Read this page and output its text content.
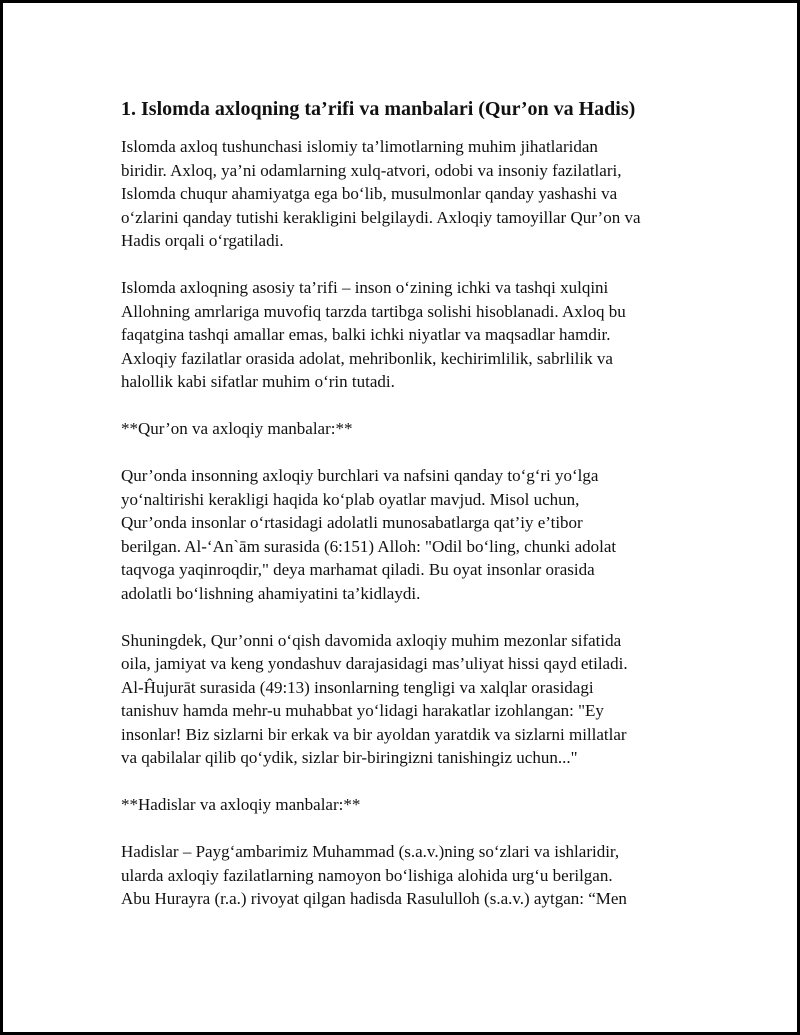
1. Islomda axloqning ta’rifi va manbalari (Qur’on va Hadis)
Islomda axloq tushunchasi islomiy ta’limotlarning muhim jihatlaridan
biridir. Axloq, ya’ni odamlarning xulq-atvori, odobi va insoniy fazilatlari,
Islomda chuqur ahamiyatga ega bo‘lib, musulmonlar qanday yashashi va
o‘zlarini qanday tutishi kerakligini belgilaydi. Axloqiy tamoyillar Qur’on va
Hadis orqali o‘rgatiladi.
Islomda axloqning asosiy ta’rifi – inson o‘zining ichki va tashqi xulqini
Allohning amrlariga muvofiq tarzda tartibga solishi hisoblanadi. Axloq bu
faqatgina tashqi amallar emas, balki ichki niyatlar va maqsadlar hamdir.
Axloqiy fazilatlar orasida adolat, mehribonlik, kechirimlilik, sabrlilik va
halollik kabi sifatlar muhim o‘rin tutadi.
**Qur’on va axloqiy manbalar:**
Qur’onda insonning axloqiy burchlari va nafsini qanday to‘g‘ri yo‘lga
yo‘naltirishi kerakligi haqida ko‘plab oyatlar mavjud. Misol uchun,
Qur’onda insonlar o‘rtasidagi adolatli munosabatlarga qat’iy e’tibor
berilgan. Al-‘An`ām surasida (6:151) Alloh: "Odil bo‘ling, chunki adolat
taqvoga yaqinroqdir," deya marhamat qiladi. Bu oyat insonlar orasida
adolatli bo‘lishning ahamiyatini ta’kidlaydi.
Shuningdek, Qur’onni o‘qish davomida axloqiy muhim mezonlar sifatida
oila, jamiyat va keng yondashuv darajasidagi mas’uliyat hissi qayd etiladi.
Al-Ĥujurāt surasida (49:13) insonlarning tengligi va xalqlar orasidagi
tanishuv hamda mehr-u muhabbat yo‘lidagi harakatlar izohlangan: "Ey
insonlar! Biz sizlarni bir erkak va bir ayoldan yaratdik va sizlarni millatlar
va qabilalar qilib qo‘ydik, sizlar bir-biringizni tanishingiz uchun..."
**Hadislar va axloqiy manbalar:**
Hadislar – Payg‘ambarimiz Muhammad (s.a.v.)ning so‘zlari va ishlaridir,
ularda axloqiy fazilatlarning namoyon bo‘lishiga alohida urg‘u berilgan.
Abu Hurayra (r.a.) rivoyat qilgan hadisda Rasululloh (s.a.v.) aytgan: “Men
